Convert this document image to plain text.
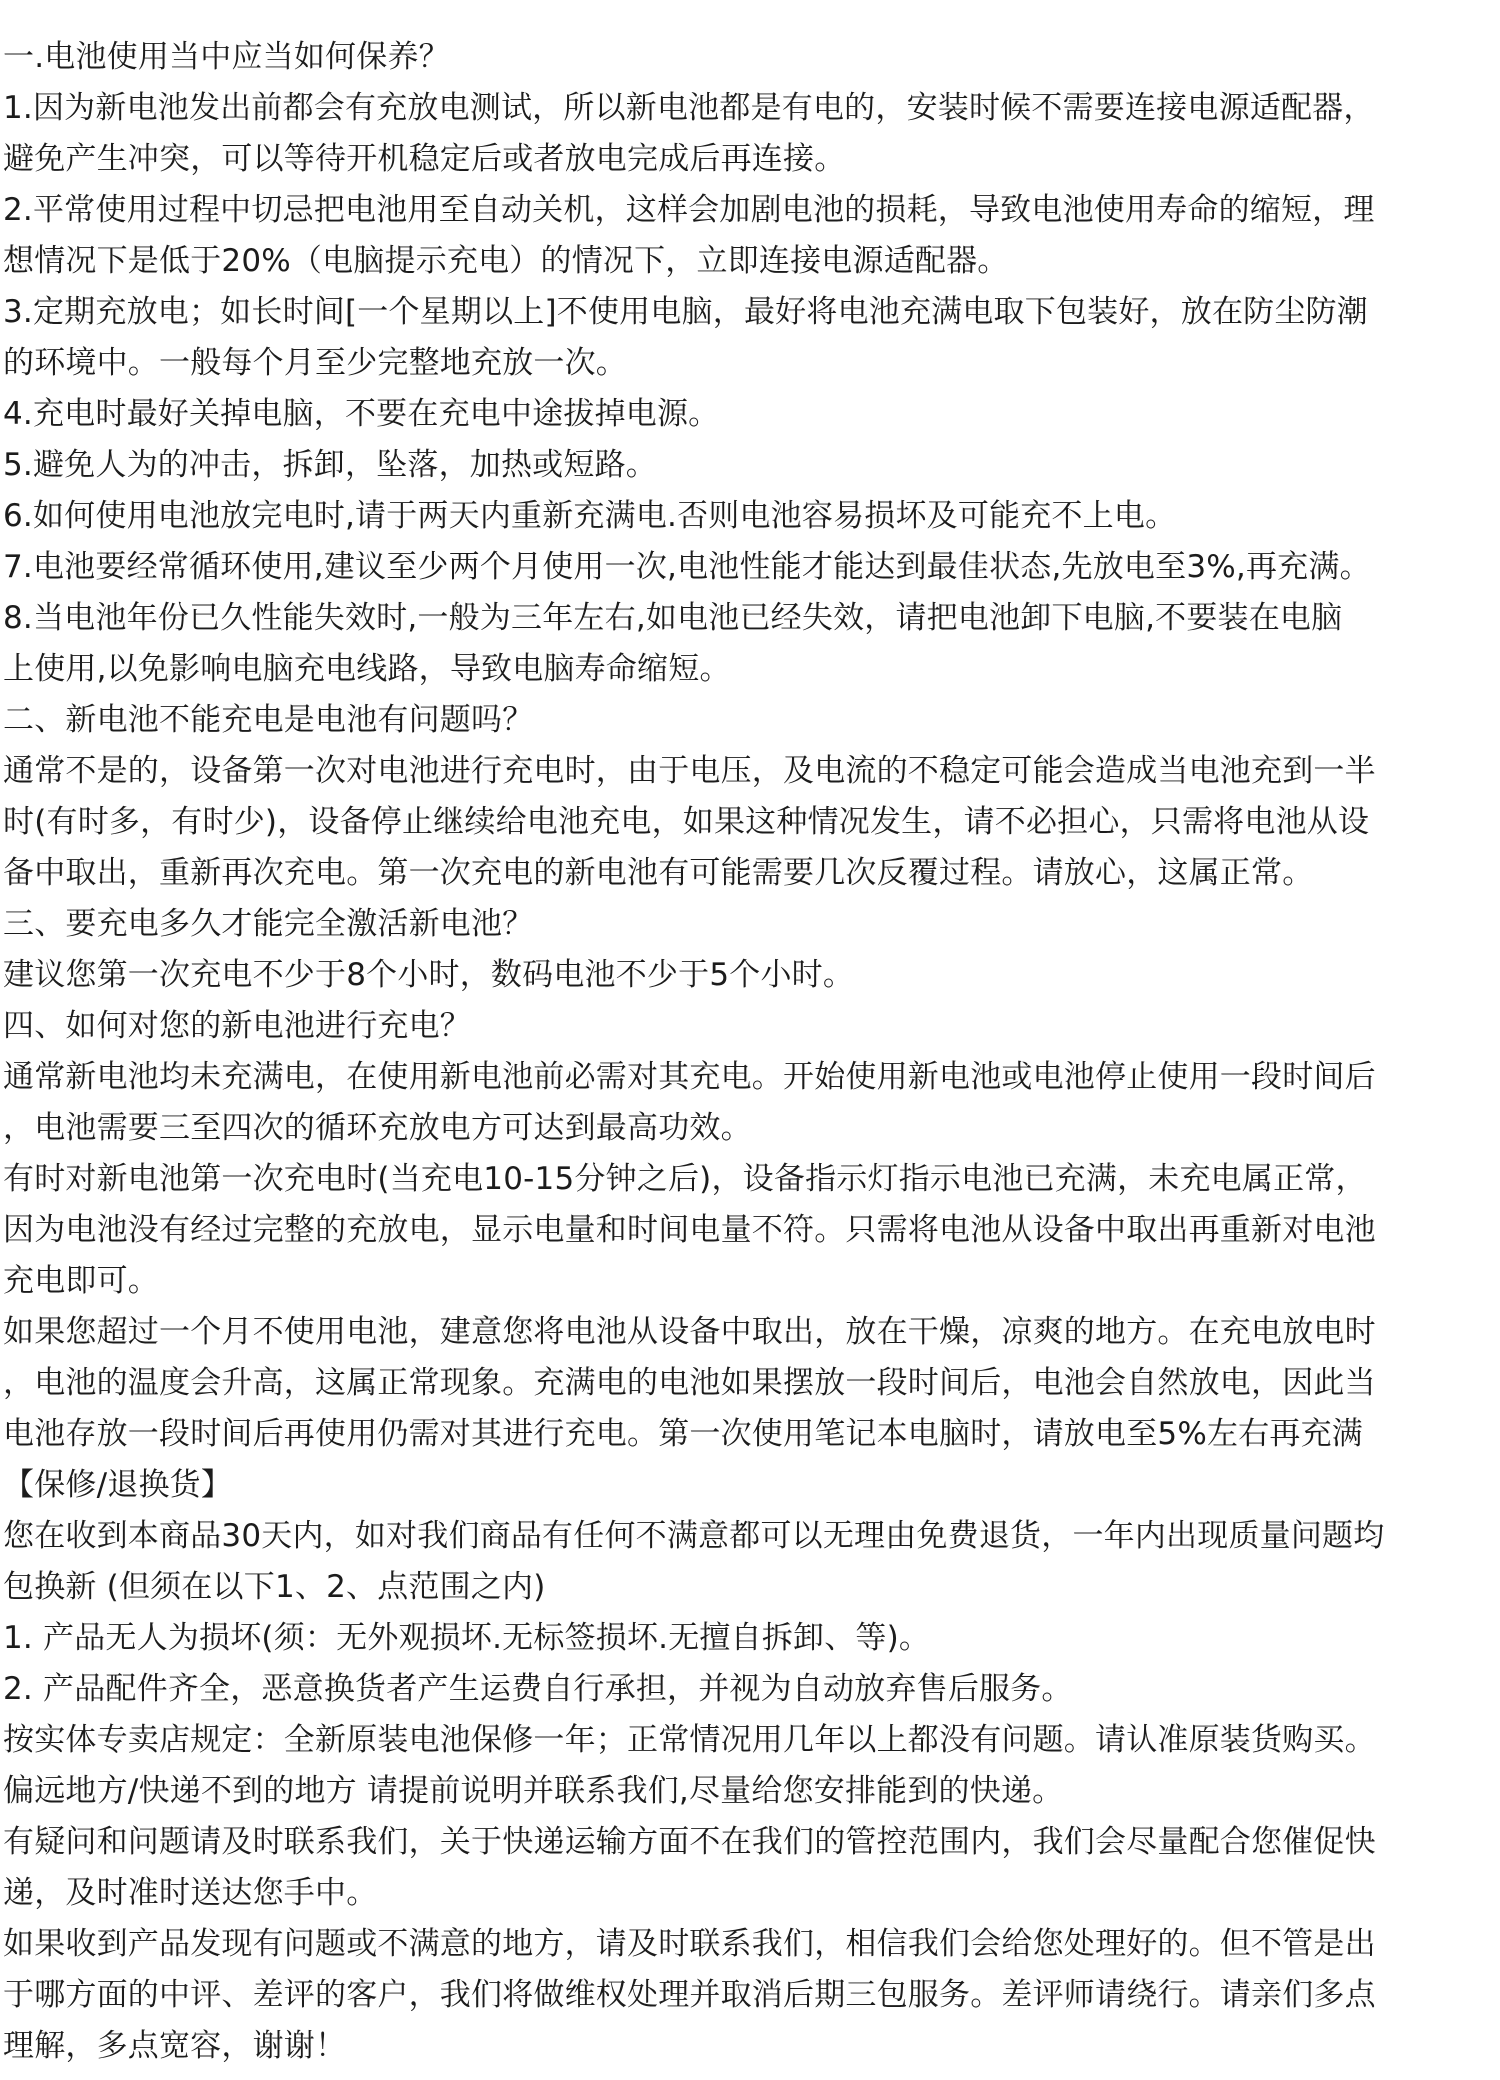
一.电池使用当中应当如何保养？
1.因为新电池发出前都会有充放电测试，所以新电池都是有电的，安装时候不需要连接电源适配器，
避免产生冲突，可以等待开机稳定后或者放电完成后再连接。
2.平常使用过程中切忌把电池用至自动关机，这样会加剧电池的损耗，导致电池使用寿命的缩短，理
想情况下是低于20%（电脑提示充电）的情况下，立即连接电源适配器。
3.定期充放电；如长时间[一个星期以上]不使用电脑，最好将电池充满电取下包装好，放在防尘防潮
的环境中。一般每个月至少完整地充放一次。
4.充电时最好关掉电脑，不要在充电中途拔掉电源。
5.避免人为的冲击，拆卸，坠落，加热或短路。
6.如何使用电池放完电时,请于两天内重新充满电.否则电池容易损坏及可能充不上电。
7.电池要经常循环使用,建议至少两个月使用一次,电池性能才能达到最佳状态,先放电至3%,再充满。
8.当电池年份已久性能失效时,一般为三年左右,如电池已经失效，请把电池卸下电脑,不要装在电脑
上使用,以免影响电脑充电线路，导致电脑寿命缩短。
二、新电池不能充电是电池有问题吗？
通常不是的，设备第一次对电池进行充电时，由于电压，及电流的不稳定可能会造成当电池充到一半
时(有时多，有时少)，设备停止继续给电池充电，如果这种情况发生，请不必担心，只需将电池从设
备中取出，重新再次充电。第一次充电的新电池有可能需要几次反覆过程。请放心，这属正常。
三、要充电多久才能完全激活新电池？
建议您第一次充电不少于8个小时，数码电池不少于5个小时。
四、如何对您的新电池进行充电？
通常新电池均未充满电，在使用新电池前必需对其充电。开始使用新电池或电池停止使用一段时间后
，电池需要三至四次的循环充放电方可达到最高功效。
有时对新电池第一次充电时(当充电10-15分钟之后)，设备指示灯指示电池已充满，未充电属正常，
因为电池没有经过完整的充放电，显示电量和时间电量不符。只需将电池从设备中取出再重新对电池
充电即可。
如果您超过一个月不使用电池，建意您将电池从设备中取出，放在干燥，凉爽的地方。在充电放电时
，电池的温度会升高，这属正常现象。充满电的电池如果摆放一段时间后，电池会自然放电，因此当
电池存放一段时间后再使用仍需对其进行充电。第一次使用笔记本电脑时，请放电至5%左右再充满
【保修/退换货】
您在收到本商品30天内，如对我们商品有任何不满意都可以无理由免费退货，一年内出现质量问题均
包换新 (但须在以下1、2、点范围之内)
1. 产品无人为损坏(须：无外观损坏.无标签损坏.无擅自拆卸、等)。
2. 产品配件齐全，恶意换货者产生运费自行承担，并视为自动放弃售后服务。
按实体专卖店规定：全新原装电池保修一年；正常情况用几年以上都没有问题。请认准原装货购买。
偏远地方/快递不到的地方 请提前说明并联系我们,尽量给您安排能到的快递。
有疑问和问题请及时联系我们，关于快递运输方面不在我们的管控范围内，我们会尽量配合您催促快
递，及时准时送达您手中。
如果收到产品发现有问题或不满意的地方，请及时联系我们，相信我们会给您处理好的。但不管是出
于哪方面的中评、差评的客户，我们将做维权处理并取消后期三包服务。差评师请绕行。请亲们多点
理解，多点宽容，谢谢！
